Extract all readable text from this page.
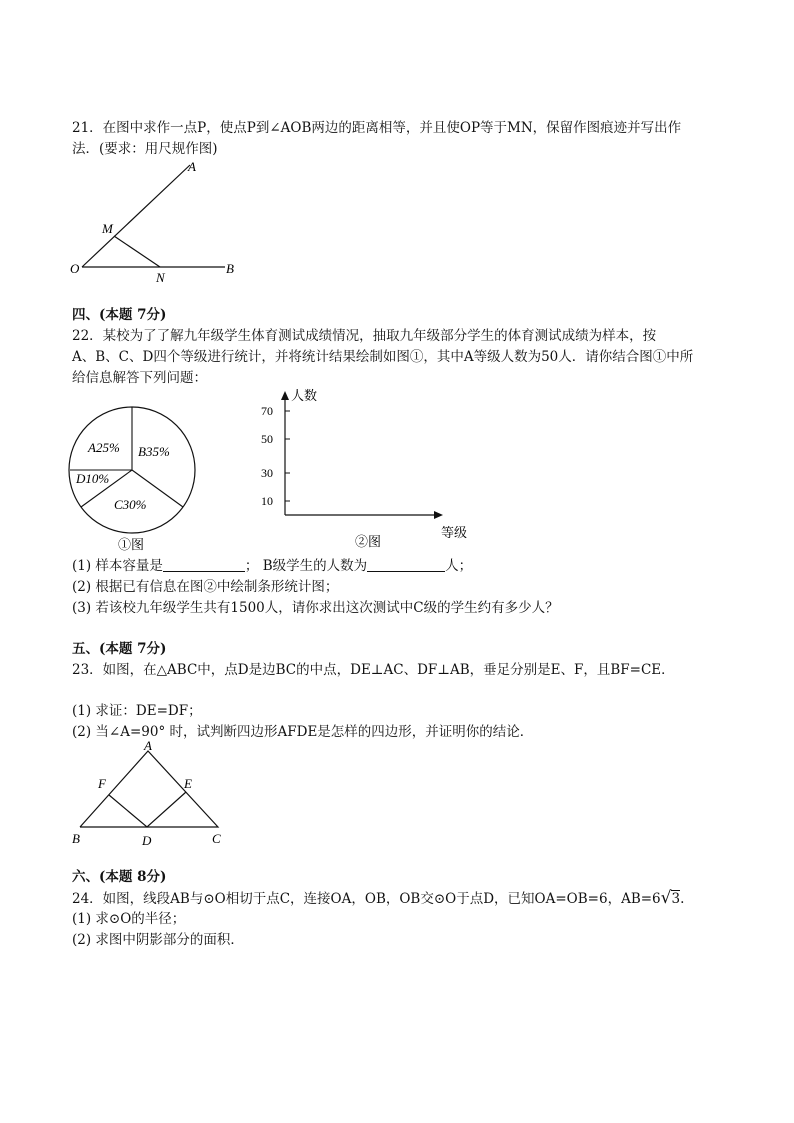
21．在图中求作一点P，使点P到∠AOB两边的距离相等，并且使OP等于MN，保留作图痕迹并写出作
法．(要求：用尺规作图)
A
M
O
N
B
四、(本题 7分)
22．某校为了了解九年级学生体育测试成绩情况，抽取九年级部分学生的体育测试成绩为样本，按
A、B、C、D四个等级进行统计，并将统计结果绘制如图①，其中A等级人数为50人．请你结合图①中所
给信息解答下列问题：
A25% B35%
D10%
C30%
①图
人数
70
50
30
10
等级
②图
(1) 样本容量是	； B级学生的人数为	人；
(2) 根据已有信息在图②中绘制条形统计图；
(3) 若该校九年级学生共有1500人，请你求出这次测试中C级的学生约有多少人？
五、(本题 7分)
23．如图，在△ABC中，点D是边BC的中点，DE⊥AC、DF⊥AB，垂足分别是E、F，且BF=CE．
(1) 求证：DE=DF；
(2) 当∠A=90° 时，试判断四边形AFDE是怎样的四边形，并证明你的结论．
A
F	E
B	D	C
六、(本题 8分)
24．如图，线段AB与⊙O相切于点C，连接OA，OB，OB交⊙O于点D，已知OA=OB=6，AB=6√3.
(1) 求⊙O的半径；
(2) 求图中阴影部分的面积．
